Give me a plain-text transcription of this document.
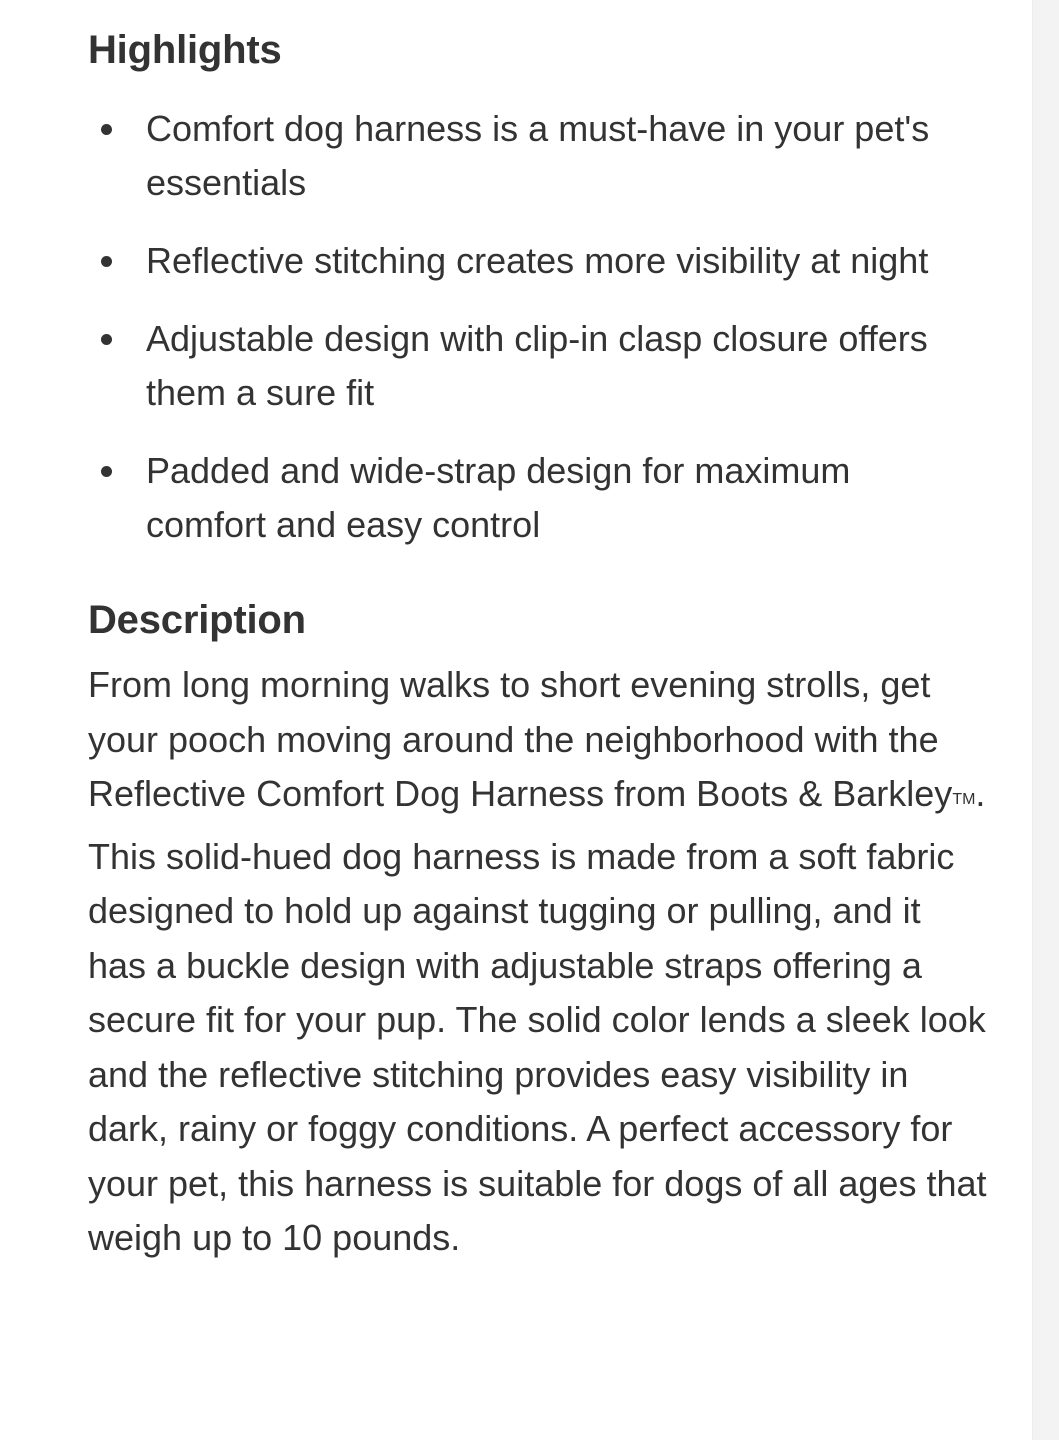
Highlights
Comfort dog harness is a must-have in your pet's essentials
Reflective stitching creates more visibility at night
Adjustable design with clip-in clasp closure offers them a sure fit
Padded and wide-strap design for maximum comfort and easy control
Description

From long morning walks to short evening strolls, get your pooch moving around the neighborhood with the Reflective Comfort Dog Harness from Boots & BarkleyTM. This solid-hued dog harness is made from a soft fabric designed to hold up against tugging or pulling, and it has a buckle design with adjustable straps offering a secure fit for your pup. The solid color lends a sleek look and the reflective stitching provides easy visibility in dark, rainy or foggy conditions. A perfect accessory for your pet, this harness is suitable for dogs of all ages that weigh up to 10 pounds.
